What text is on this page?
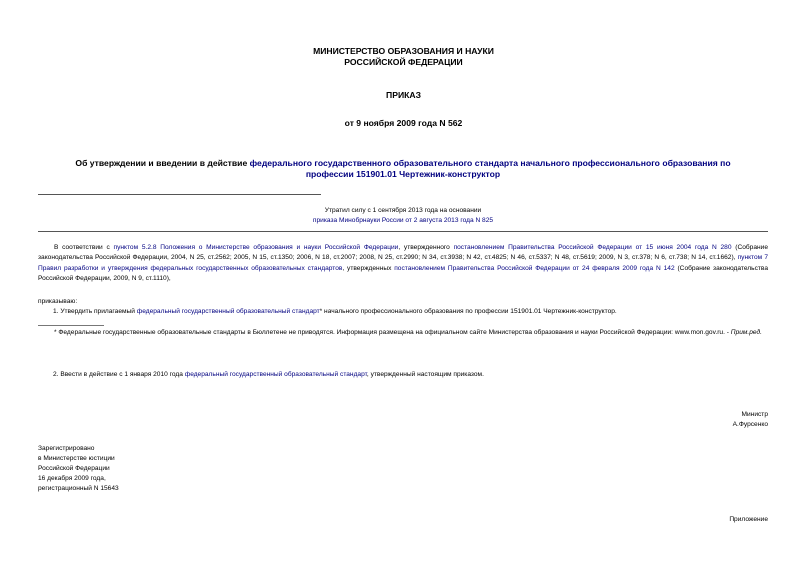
МИНИСТЕРСТВО ОБРАЗОВАНИЯ И НАУКИ
РОССИЙСКОЙ ФЕДЕРАЦИИ
ПРИКАЗ
от 9 ноября 2009 года N 562
Об утверждении и введении в действие федерального государственного образовательного стандарта начального профессионального образования по
профессии 151901.01 Чертежник-конструктор
Утратил силу с 1 сентября 2013 года на основании
приказа Минобрнауки России от 2 августа 2013 года N 825
В соответствии с пунктом 5.2.8 Положения о Министерстве образования и науки Российской Федерации, утвержденного постановлением Правительства Российской Федерации от 15 июня 2004 года N 280 (Собрание законодательства Российской Федерации, 2004, N 25, ст.2562; 2005, N 15, ст.1350; 2006, N 18, ст.2007; 2008, N 25, ст.2990; N 34, ст.3938; N 42, ст.4825; N 46, ст.5337; N 48, ст.5619; 2009, N 3, ст.378; N 6, ст.738; N 14, ст.1662), пунктом 7 Правил разработки и утверждения федеральных государственных образовательных стандартов, утвержденных постановлением Правительства Российской Федерации от 24 февраля 2009 года N 142 (Собрание законодательства Российской Федерации, 2009, N 9, ст.1110),
приказываю:
1. Утвердить прилагаемый федеральный государственный образовательный стандарт* начального профессионального образования по профессии 151901.01 Чертежник-конструктор.
* Федеральные государственные образовательные стандарты в Бюллетене не приводятся. Информация размещена на официальном сайте Министерства образования и науки Российской Федерации: www.mon.gov.ru. - Прим.ред.
2. Ввести в действие с 1 января 2010 года федеральный государственный образовательный стандарт, утвержденный настоящим приказом.
Министр
А.Фурсенко
Зарегистрировано
в Министерстве юстиции
Российской Федерации
16 декабря 2009 года,
регистрационный N 15643
Приложение
